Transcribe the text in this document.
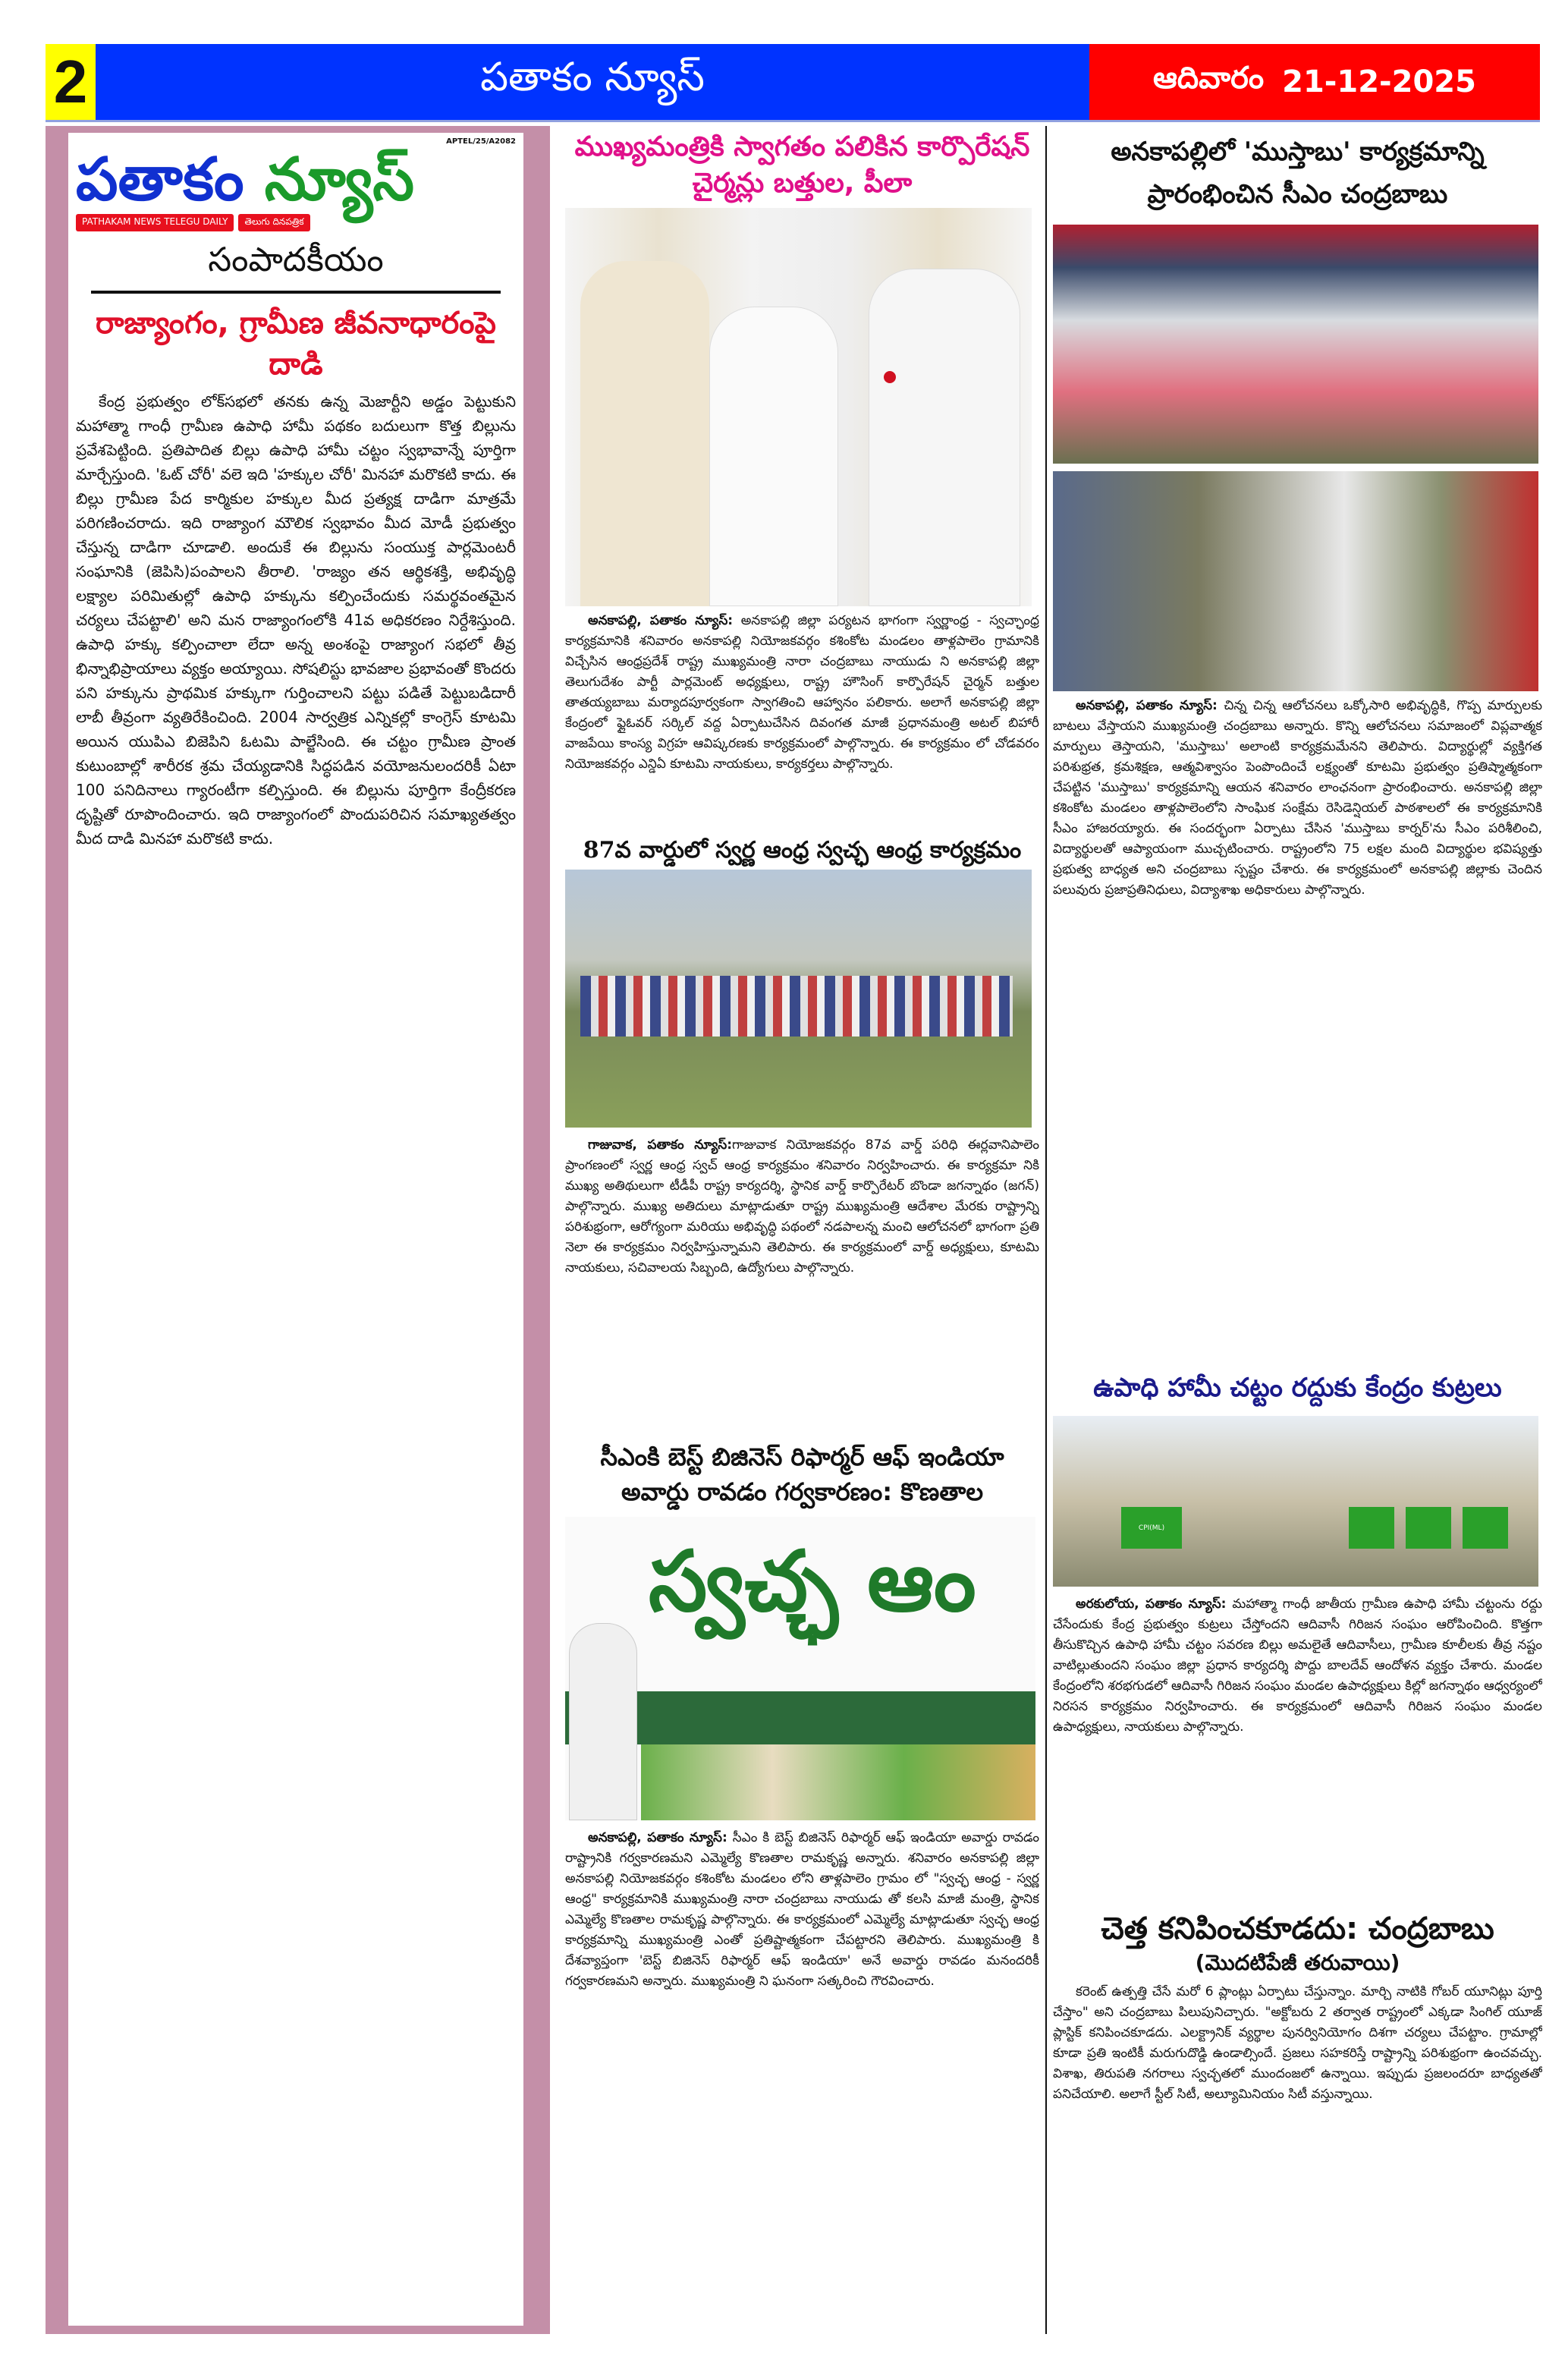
2	పతాకం న్యూస్	ఆదివారం 21-12-2025
APTEL/25/A2082
పతాకం న్యూస్
PATHAKAM NEWS TELEGU DAILY	తెలుగు దినపత్రిక
సంపాదకీయం
రాజ్యాంగం, గ్రామీణ జీవనాధారంపై దాడి
కేంద్ర ప్రభుత్వం లోక్‌సభలో తనకు ఉన్న మెజార్టీని అడ్డం పెట్టుకుని మహాత్మా గాంధీ గ్రామీణ ఉపాధి హామీ పథకం బదులుగా కొత్త బిల్లును ప్రవేశపెట్టింది. ప్రతిపాదిత బిల్లు ఉపాధి హామీ చట్టం స్వభావాన్నే పూర్తిగా మార్చేస్తుంది. 'ఓట్ చోరీ' వలె ఇది 'హక్కుల చోరీ' మినహా మరొకటి కాదు. ఈ బిల్లు గ్రామీణ పేద కార్మికుల హక్కుల మీద ప్రత్యక్ష దాడిగా మాత్రమే పరిగణించరాదు. ఇది రాజ్యాంగ మౌలిక స్వభావం మీద మోడీ ప్రభుత్వం చేస్తున్న దాడిగా చూడాలి. అందుకే ఈ బిల్లును సంయుక్త పార్లమెంటరీ సంఘానికి (జెపిసి)పంపాలని తీరాలి. 'రాజ్యం తన ఆర్థికశక్తి, అభివృద్ధి లక్ష్యాల పరిమితుల్లో ఉపాధి హక్కును కల్పించేందుకు సమర్థవంతమైన చర్యలు చేపట్టాలి' అని మన రాజ్యాంగంలోకి 41వ అధికరణం నిర్దేశిస్తుంది. ఉపాధి హక్కు కల్పించాలా లేదా అన్న అంశంపై రాజ్యాంగ సభలో తీవ్ర భిన్నాభిప్రాయాలు వ్యక్తం అయ్యాయి. సోషలిస్టు భావజాల ప్రభావంతో కొందరు పని హక్కును ప్రాథమిక హక్కుగా గుర్తించాలని పట్టు పడితే పెట్టుబడిదారీ లాబీ తీవ్రంగా వ్యతిరేకించింది. 2004 సార్వత్రిక ఎన్నికల్లో కాంగ్రెస్ కూటమి అయిన యుపిఎ బిజెపిని ఓటమి పాల్జేసింది. ఈ చట్టం గ్రామీణ ప్రాంత కుటుంబాల్లో శారీరక శ్రమ చేయ్యడానికి సిద్ధపడిన వయోజనులందరికీ ఏటా 100 పనిదినాలు గ్యారంటీగా కల్పిస్తుంది. ఈ బిల్లును పూర్తిగా కేంద్రీకరణ దృష్టితో రూపొందించారు. ఇది రాజ్యాంగంలో పొందుపరిచిన సమాఖ్యతత్వం మీద దాడి మినహా మరొకటి కాదు.
ముఖ్యమంత్రికి స్వాగతం పలికిన కార్పొరేషన్ చైర్మన్లు బత్తుల, పీలా
అనకాపల్లి, పతాకం న్యూస్: అనకాపల్లి జిల్లా పర్యటన భాగంగా స్వర్ణాంధ్ర - స్వచ్ఛాంధ్ర కార్యక్రమానికి శనివారం అనకాపల్లి నియోజకవర్గం కశింకోట మండలం తాళ్లపాలెం గ్రామానికి విచ్చేసిన ఆంధ్రప్రదేశ్ రాష్ట్ర ముఖ్యమంత్రి నారా చంద్రబాబు నాయుడు ని అనకాపల్లి జిల్లా తెలుగుదేశం పార్టీ పార్లమెంట్ అధ్యక్షులు, రాష్ట్ర హౌసింగ్ కార్పొరేషన్ చైర్మన్ బత్తుల తాతయ్యబాబు మర్యాదపూర్వకంగా స్వాగతించి ఆహ్వానం పలికారు. అలాగే అనకాపల్లి జిల్లా కేంద్రంలో ఫ్లైఓవర్ సర్కిల్ వద్ద ఏర్పాటుచేసిన దివంగత మాజీ ప్రధానమంత్రి అటల్ బిహారీ వాజపేయి కాంస్య విగ్రహ ఆవిష్కరణకు కార్యక్రమంలో పాల్గొన్నారు. ఈ కార్యక్రమం లో చోడవరం నియోజకవర్గం ఎన్డిఏ కూటమి నాయకులు, కార్యకర్తలు పాల్గొన్నారు.
87వ వార్డులో స్వర్ణ ఆంధ్ర స్వచ్ఛ ఆంధ్ర కార్యక్రమం
గాజువాక, పతాకం న్యూస్:గాజువాక నియోజకవర్గం 87వ వార్డ్ పరిధి ఈర్లవానిపాలెం ప్రాంగణంలో స్వర్ణ ఆంధ్ర స్వచ్ ఆంధ్ర కార్యక్రమం శనివారం నిర్వహించారు. ఈ కార్యక్రమా నికి ముఖ్య అతిథులుగా టీడీపీ రాష్ట్ర కార్యదర్శి, స్థానిక వార్డ్ కార్పొరేటర్ బొండా జగన్నాథం (జగన్) పాల్గొన్నారు. ముఖ్య అతిదులు మాట్లాడుతూ రాష్ట్ర ముఖ్యమంత్రి ఆదేశాల మేరకు రాష్ట్రాన్ని పరిశుభ్రంగా, ఆరోగ్యంగా మరియు అభివృద్ధి పథంలో నడపాలన్న మంచి ఆలోచనలో భాగంగా ప్రతి నెలా ఈ కార్యక్రమం నిర్వహిస్తున్నామని తెలిపారు. ఈ కార్యక్రమంలో వార్డ్ అధ్యక్షులు, కూటమి నాయకులు, సచివాలయ సిబ్బంది, ఉద్యోగులు పాల్గొన్నారు.
సీఎంకి బెస్ట్ బిజినెస్ రిఫార్మర్ ఆఫ్ ఇండియా అవార్డు రావడం గర్వకారణం: కొణతాల
స్వచ్ఛ ఆం
అనకాపల్లి, పతాకం న్యూస్: సీఎం కి బెస్ట్ బిజినెస్ రిఫార్మర్ ఆఫ్ ఇండియా అవార్డు రావడం రాష్ట్రానికి గర్వకారణమని ఎమ్మెల్యే కొణతాల రామకృష్ణ అన్నారు. శనివారం అనకాపల్లి జిల్లా అనకాపల్లి నియోజకవర్గం కశింకోట మండలం లోని తాళ్లపాలెం గ్రామం లో "స్వచ్ఛ ఆంధ్ర - స్వర్ణ ఆంధ్ర" కార్యక్రమానికి ముఖ్యమంత్రి నారా చంద్రబాబు నాయుడు తో కలసి మాజీ మంత్రి, స్థానిక ఎమ్మెల్యే కొణతాల రామకృష్ణ పాల్గొన్నారు. ఈ కార్యక్రమంలో ఎమ్మెల్యే మాట్లాడుతూ స్వచ్ఛ ఆంధ్ర కార్యక్రమాన్ని ముఖ్యమంత్రి ఎంతో ప్రతిష్టాత్మకంగా చేపట్టారని తెలిపారు. ముఖ్యమంత్రి కి దేశవ్యాప్తంగా 'బెస్ట్ బిజినెస్ రిఫార్మర్ ఆఫ్ ఇండియా' అనే అవార్డు రావడం మనందరికీ గర్వకారణమని అన్నారు. ముఖ్యమంత్రి ని ఘనంగా సత్కరించి గౌరవించారు.
అనకాపల్లిలో 'ముస్తాబు' కార్యక్రమాన్ని ప్రారంభించిన సీఎం చంద్రబాబు
అనకాపల్లి, పతాకం న్యూస్: చిన్న చిన్న ఆలోచనలు ఒక్కోసారి అభివృద్ధికి, గొప్ప మార్పులకు బాటలు వేస్తాయని ముఖ్యమంత్రి చంద్రబాబు అన్నారు. కొన్ని ఆలోచనలు సమాజంలో విప్లవాత్మక మార్పులు తెస్తాయని, 'ముస్తాబు' అలాంటి కార్యక్రమమేనని తెలిపారు. విద్యార్థుల్లో వ్యక్తిగత పరిశుభ్రత, క్రమశిక్షణ, ఆత్మవిశ్వాసం పెంపొందించే లక్ష్యంతో కూటమి ప్రభుత్వం ప్రతిష్మాత్మకంగా చేపట్టిన 'ముస్తాబు' కార్యక్రమాన్ని ఆయన శనివారం లాంఛనంగా ప్రారంభించారు. అనకాపల్లి జిల్లా కశింకోట మండలం తాళ్లపాలెంలోని సాంఘిక సంక్షేమ రెసిడెన్షియల్ పాఠశాలలో ఈ కార్యక్రమానికి సీఎం హాజరయ్యారు. ఈ సందర్భంగా ఏర్పాటు చేసిన 'ముస్తాబు కార్నర్'ను సీఎం పరిశీలించి, విద్యార్థులతో ఆప్యాయంగా ముచ్చటించారు. రాష్ట్రంలోని 75 లక్షల మంది విద్యార్థుల భవిష్యత్తు ప్రభుత్వ బాధ్యత అని చంద్రబాబు స్పష్టం చేశారు. ఈ కార్యక్రమంలో అనకాపల్లి జిల్లాకు చెందిన పలువురు ప్రజాప్రతినిధులు, విద్యాశాఖ అధికారులు పాల్గొన్నారు.
ఉపాధి హామీ చట్టం రద్దుకు కేంద్రం కుట్రలు
CPI(ML)
అరకులోయ, పతాకం న్యూస్: మహాత్మా గాంధీ జాతీయ గ్రామీణ ఉపాధి హామీ చట్టంను రద్దు చేసేందుకు కేంద్ర ప్రభుత్వం కుట్రలు చేస్తోందని ఆదివాసీ గిరిజన సంఘం ఆరోపించింది. కొత్తగా తీసుకొచ్చిన ఉపాధి హామీ చట్టం సవరణ బిల్లు అమలైతే ఆదివాసీలు, గ్రామీణ కూలీలకు తీవ్ర నష్టం వాటిల్లుతుందని సంఘం జిల్లా ప్రధాన కార్యదర్శి పొద్దు బాలదేవ్ ఆందోళన వ్యక్తం చేశారు. మండల కేంద్రంలోని శరభగుడలో ఆదివాసీ గిరిజన సంఘం మండల ఉపాధ్యక్షులు కిల్లో జగన్నాథం ఆధ్వర్యంలో నిరసన కార్యక్రమం నిర్వహించారు. ఈ కార్యక్రమంలో ఆదివాసీ గిరిజన సంఘం మండల ఉపాధ్యక్షులు, నాయకులు పాల్గొన్నారు.
చెత్త కనిపించకూడదు: చంద్రబాబు
(మొదటిపేజీ తరువాయి)
కరెంట్ ఉత్పత్తి చేసే మరో 6 ప్లాంట్లు ఏర్పాటు చేస్తున్నాం. మార్చి నాటికి గోబర్ యూనిట్లు పూర్తి చేస్తాం" అని చంద్రబాబు పిలుపునిచ్చారు. "అక్టోబరు 2 తర్వాత రాష్ట్రంలో ఎక్కడా సింగిల్ యూజ్ ప్లాస్టిక్ కనిపించకూడదు. ఎలక్ట్రానిక్ వ్యర్థాల పునర్వినియోగం దిశగా చర్యలు చేపట్టాం. గ్రామాల్లో కూడా ప్రతి ఇంటికీ మరుగుదొడ్డి ఉండాల్సిందే. ప్రజలు సహకరిస్తే రాష్ట్రాన్ని పరిశుభ్రంగా ఉంచవచ్చు. విశాఖ, తిరుపతి నగరాలు స్వచ్ఛతలో ముందంజలో ఉన్నాయి. ఇప్పుడు ప్రజలందరూ బాధ్యతతో పనిచేయాలి. అలాగే స్టీల్ సిటీ, అల్యూమినియం సిటీ వస్తున్నాయి.
